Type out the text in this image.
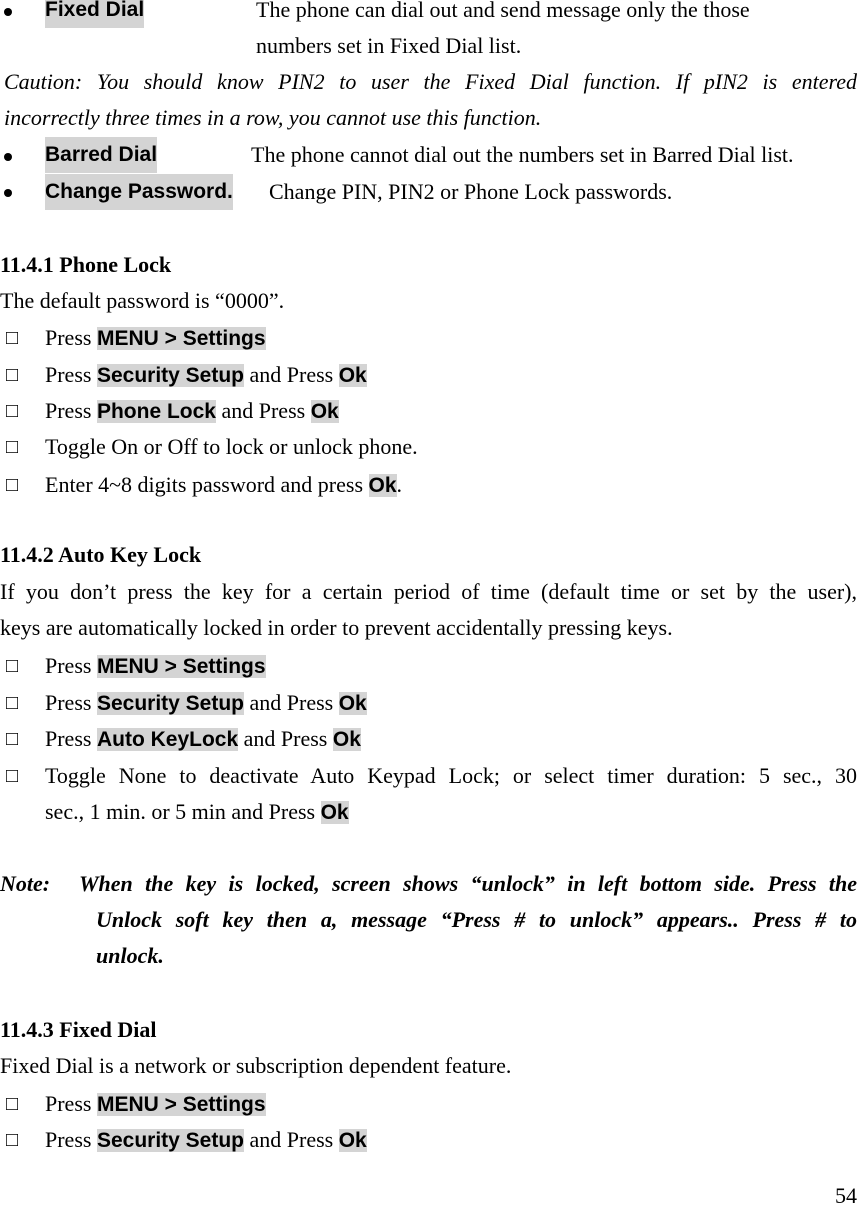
Fixed Dial	The phone can dial out and send message only the those
numbers set in Fixed Dial list.
Caution: You should know PIN2 to user the Fixed Dial function. If pIN2 is entered
incorrectly three times in a row, you cannot use this function.
Barred Dial	The phone cannot dial out the numbers set in Barred Dial list.
Change Password. Change PIN, PIN2 or Phone Lock passwords.
11.4.1 Phone Lock
The default password is “0000”.
□ Press MENU > Settings
□ Press Security Setup and Press Ok
□ Press Phone Lock and Press Ok
□ Toggle On or Off to lock or unlock phone.
□ Enter 4~8 digits password and press Ok.
11.4.2 Auto Key Lock
If you don’t press the key for a certain period of time (default time or set by the user),
keys are automatically locked in order to prevent accidentally pressing keys.
□ Press MENU > Settings
□ Press Security Setup and Press Ok
□ Press Auto KeyLock and Press Ok
□ Toggle None to deactivate Auto Keypad Lock; or select timer duration: 5 sec., 30
sec., 1 min. or 5 min and Press Ok
Note: When the key is locked, screen shows “unlock” in left bottom side. Press the
Unlock soft key then a, message “Press # to unlock” appears.. Press # to
unlock.
11.4.3 Fixed Dial
Fixed Dial is a network or subscription dependent feature.
□ Press MENU > Settings
□ Press Security Setup and Press Ok
54
